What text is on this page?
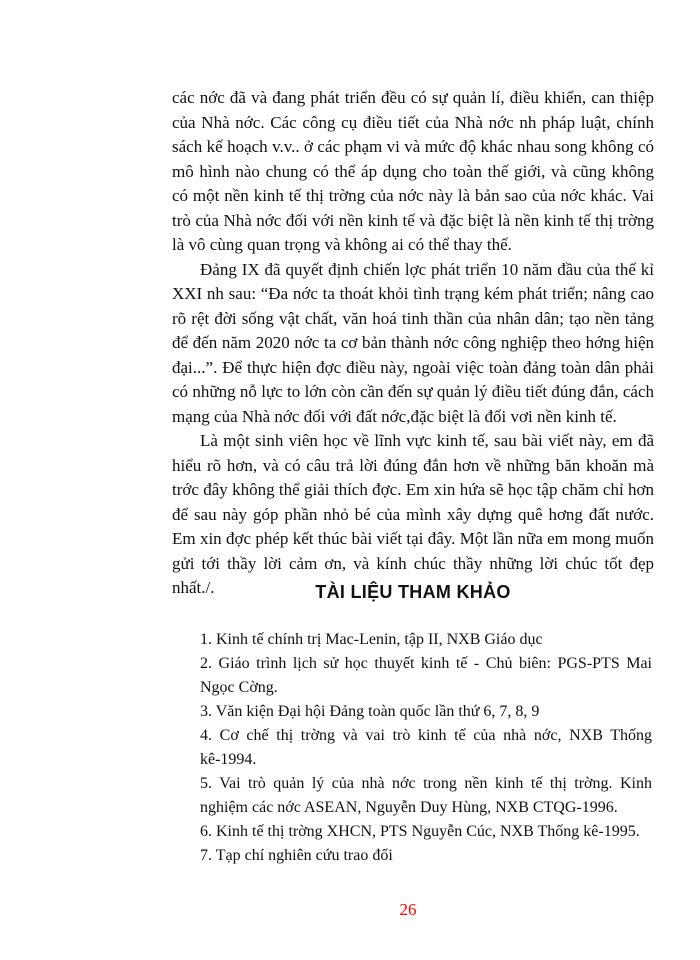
các nớc đã và đang phát triển đều có sự quản lí, điều khiển, can thiệp của Nhà nớc. Các công cụ điều tiết của Nhà nớc nh pháp luật, chính sách kế hoạch v.v.. ở các phạm vi và mức độ khác nhau song không có mô hình nào chung có thể áp dụng cho toàn thế giới, và cũng không có một nền kinh tế thị trờng của nớc này là bản sao của nớc khác. Vai trò của Nhà nớc đối với nền kinh tế và đặc biệt là nền kinh tế thị trờng là vô cùng quan trọng và không ai có thể thay thế.

Đảng IX đã quyết định chiến lợc phát triển 10 năm đầu của thế kỉ XXI nh sau: “Đa nớc ta thoát khỏi tình trạng kém phát triển; nâng cao rõ rệt đời sống vật chất, văn hoá tinh thần của nhân dân; tạo nền tảng để đến năm 2020 nớc ta cơ bản thành nớc công nghiệp theo hớng hiện đại...”. Để thực hiện đợc điều này, ngoài việc toàn đảng toàn dân phải có những nỗ lực to lớn còn cần đến sự quản lý điều tiết đúng đắn, cách mạng của Nhà nớc đối với đất nớc,đặc biệt là đối vơi nền kinh tế.

Là một sinh viên học về lĩnh vực kinh tế, sau bài viết này, em đã hiểu rõ hơn, và có câu trả lời đúng đắn hơn về những băn khoăn mà trớc đây không thể giải thích đợc. Em xin hứa sẽ học tập chăm chỉ hơn để sau này góp phần nhỏ bé của mình xây dựng quê hơng đất nước. Em xin đợc phép kết thúc bài viết tại đây. Một lần nữa em mong muốn gửi tới thầy lời cảm ơn, và kính chúc thầy những lời chúc tốt đẹp nhất./.	TÀI LIỆU THAM KHẢO

1. Kinh tế chính trị Mac-Lenin, tập II, NXB Giáo dục

2. Giáo trình lịch sử học thuyết kinh tế - Chủ biên: PGS-PTS Mai Ngọc Cờng.

3. Văn kiện Đại hội Đảng toàn quốc lần thứ 6, 7, 8, 9

4. Cơ chế thị trờng và vai trò kinh tế của nhà nớc, NXB Thống kê-1994.

5. Vai trò quản lý của nhà nớc trong nền kinh tế thị trờng. Kinh nghiệm các nớc ASEAN, Nguyễn Duy Hùng, NXB CTQG-1996.

6. Kinh tế thị trờng XHCN, PTS Nguyễn Cúc, NXB Thống kê-1995.

7. Tạp chí nghiên cứu trao đổi

26
